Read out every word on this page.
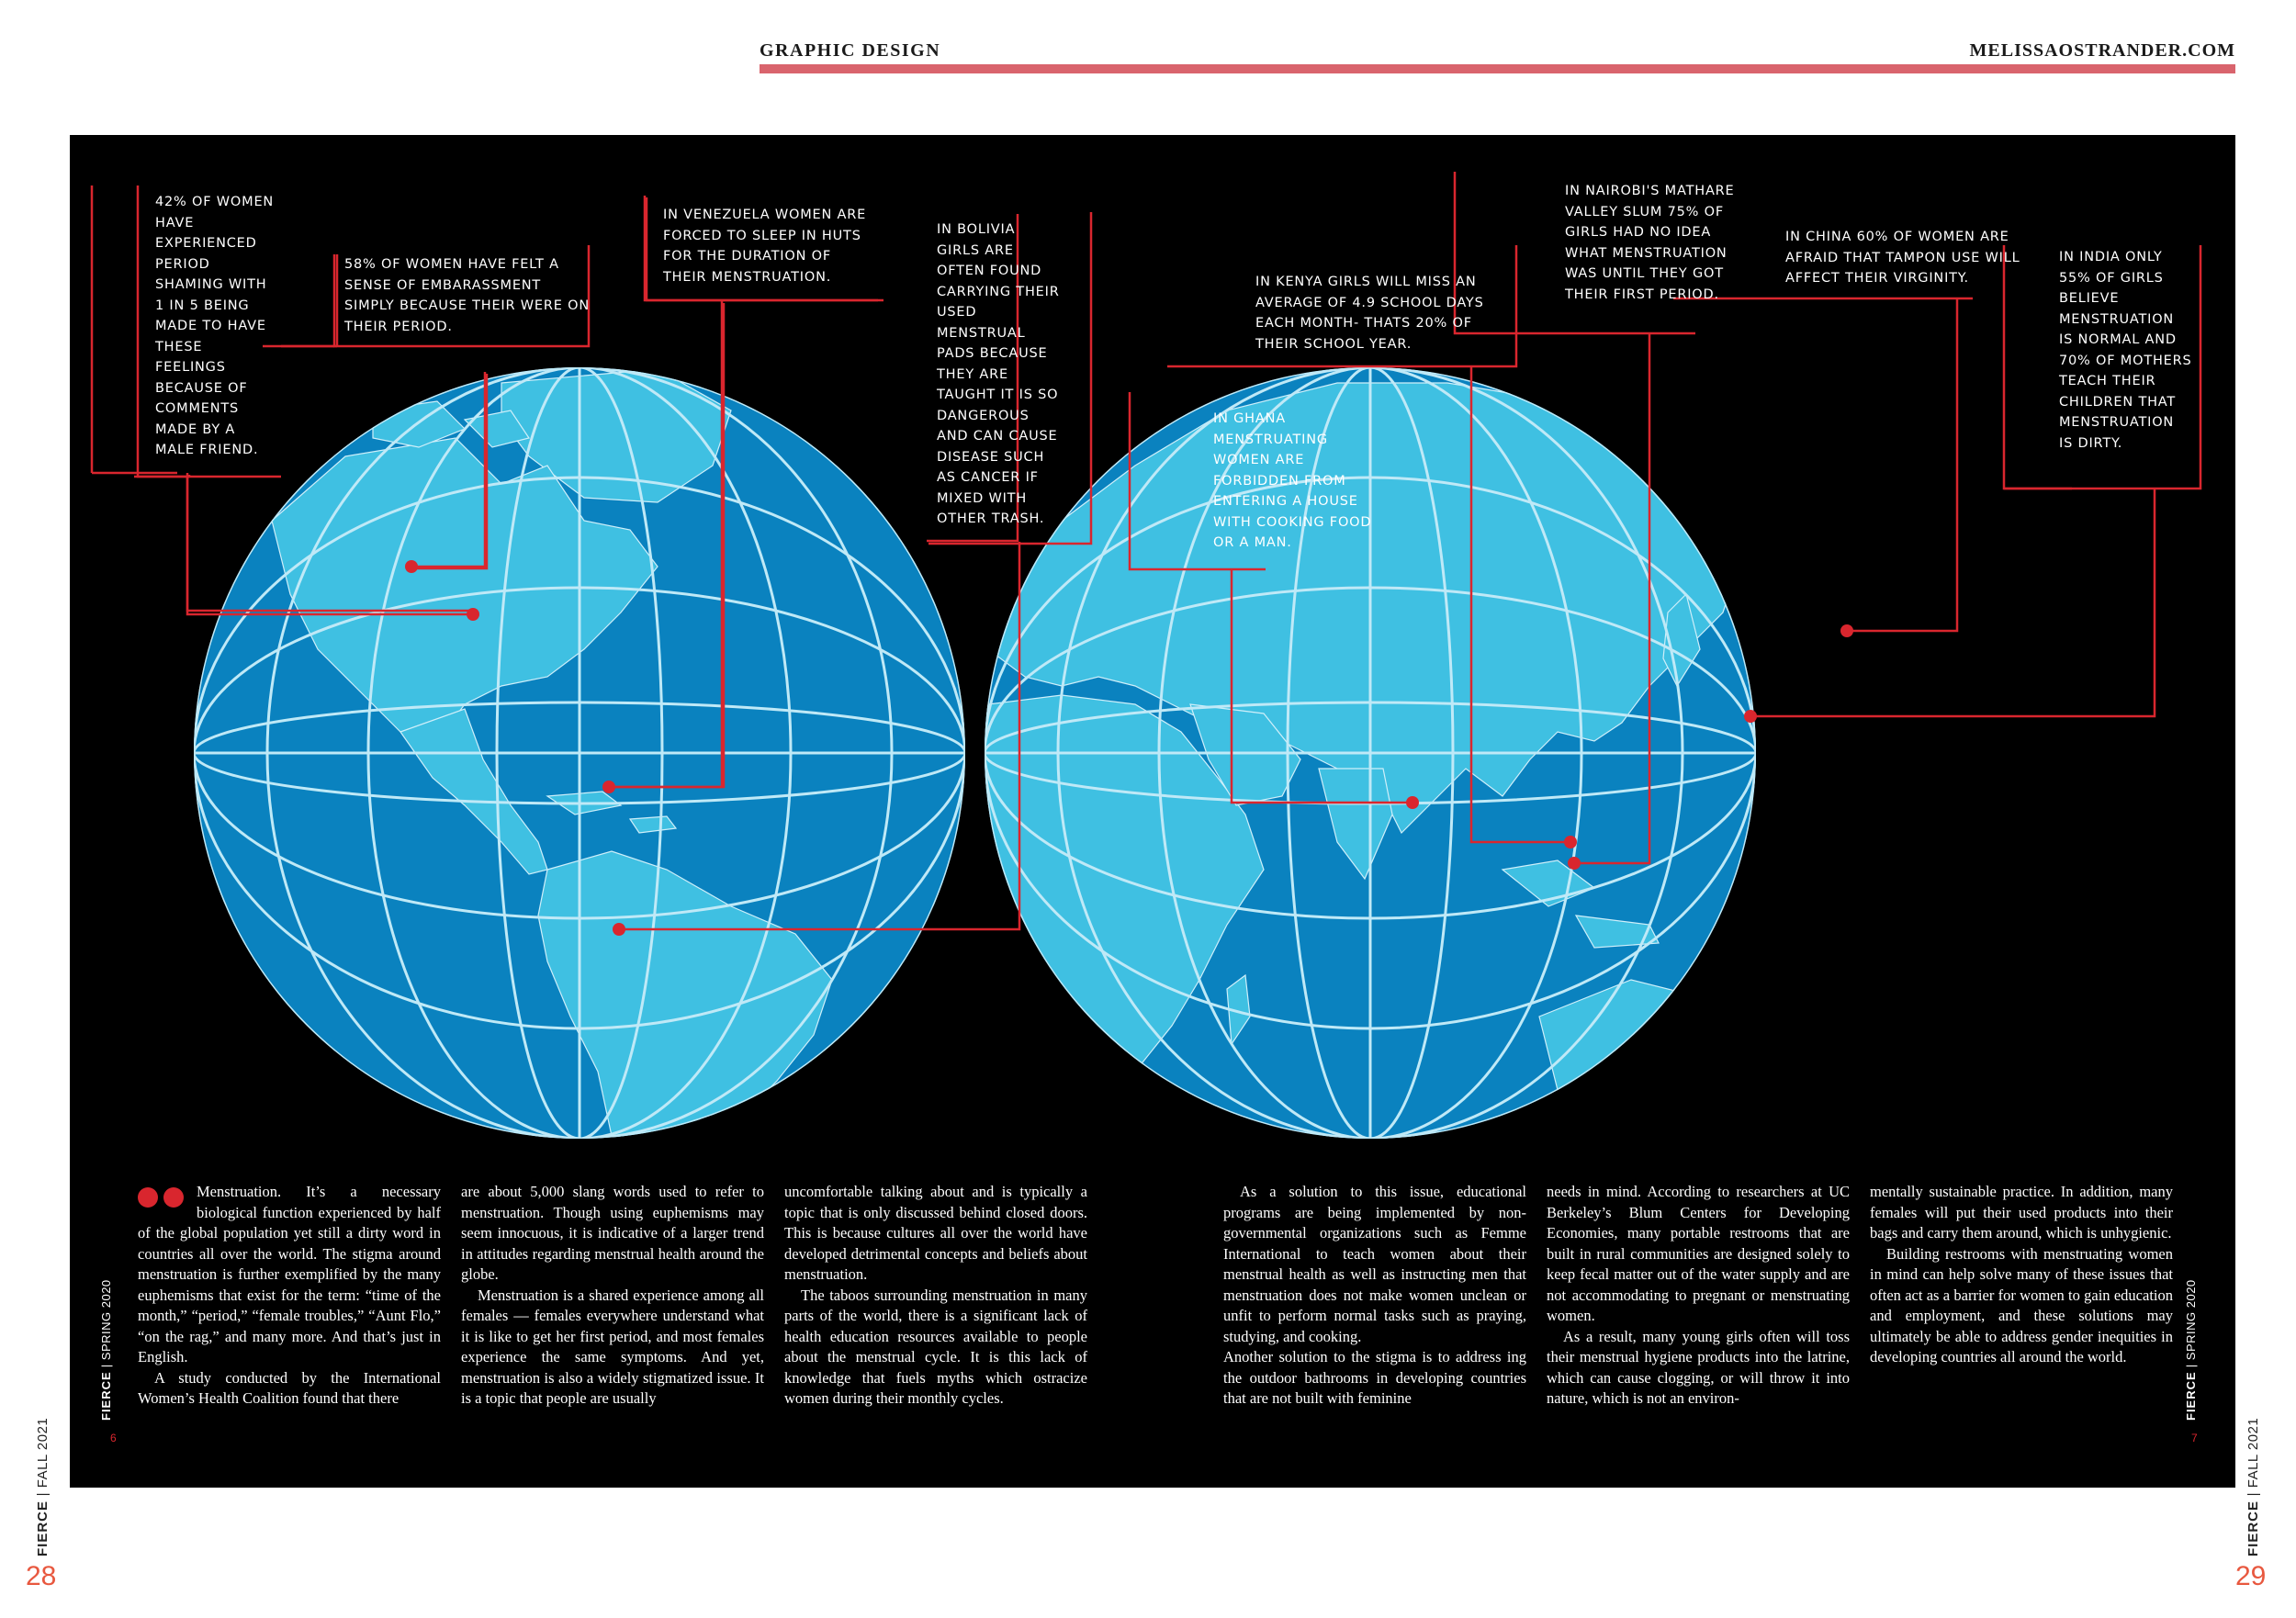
GRAPHIC DESIGN	MELISSAOSTRANDER.COM
42% OF WOMEN HAVE EXPERIENCED PERIOD SHAMING WITH 1 IN 5 BEING MADE TO HAVE THESE FEELINGS BECAUSE OF COMMENTS MADE BY A MALE FRIEND.
58% OF WOMEN HAVE FELT A SENSE OF EMBARASSMENT SIMPLY BECAUSE THEIR WERE ON THEIR PERIOD.
IN VENEZUELA WOMEN ARE FORCED TO SLEEP IN HUTS FOR THE DURATION OF THEIR MENSTRUATION.
IN BOLIVIA GIRLS ARE OFTEN FOUND CARRYING THEIR USED MENSTRUAL PADS BECAUSE THEY ARE TAUGHT IT IS SO DANGEROUS AND CAN CAUSE DISEASE SUCH AS CANCER IF MIXED WITH OTHER TRASH.
IN GHANA MENSTRUATING WOMEN ARE FORBIDDEN FROM ENTERING A HOUSE WITH COOKING FOOD OR A MAN.
IN KENYA GIRLS WILL MISS AN AVERAGE OF 4.9 SCHOOL DAYS EACH MONTH- THATS 20% OF THEIR SCHOOL YEAR.
IN NAIROBI'S MATHARE VALLEY SLUM 75% OF GIRLS HAD NO IDEA WHAT MENSTRUATION WAS UNTIL THEY GOT THEIR FIRST PERIOD.
IN CHINA 60% OF WOMEN ARE AFRAID THAT TAMPON USE WILL AFFECT THEIR VIRGINITY.
IN INDIA ONLY 55% OF GIRLS BELIEVE MENSTRUATION IS NORMAL AND 70% OF MOTHERS TEACH THEIR CHILDREN THAT MENSTRUATION IS DIRTY.

Menstruation. It’s a necessary biological function experienced by half of the global population yet still a dirty word in countries all over the world. The stigma around menstruation is further exemplified by the many euphemisms that exist for the term: “time of the month,” “period,” “female troubles,” “Aunt Flo,” “on the rag,” and many more. And that’s just in English.

A study conducted by the International Women’s Health Coalition found that there

are about 5,000 slang words used to refer to menstruation. Though using euphemisms may seem innocuous, it is indicative of a larger trend in attitudes regarding menstrual health around the globe.

Menstruation is a shared experience among all females — females everywhere understand what it is like to get her first period, and most females experience the same symptoms. And yet, menstruation is also a widely stigmatized issue. It is a topic that people are usually

uncomfortable talking about and is typically a topic that is only discussed behind closed doors. This is because cultures all over the world have developed detrimental concepts and beliefs about menstruation.

The taboos surrounding menstruation in many parts of the world, there is a significant lack of health education resources available to people about the menstrual cycle. It is this lack of knowledge that fuels myths which ostracize women during their monthly cycles.

As a solution to this issue, educational programs are being implemented by non-governmental organizations such as Femme International to teach women about their menstrual health as well as instructing men that menstruation does not make women unclean or unfit to perform normal tasks such as praying, studying, and cooking.

Another solution to the stigma is to address ing the outdoor bathrooms in developing countries that are not built with feminine

needs in mind. According to researchers at UC Berkeley’s Blum Centers for Developing Economies, many portable restrooms that are built in rural communities are designed solely to keep fecal matter out of the water supply and are not accommodating to pregnant or menstruating women.

As a result, many young girls often will toss their menstrual hygiene products into the latrine, which can cause clogging, or will throw it into nature, which is not an environ-

mentally sustainable practice. In addition, many females will put their used products into their bags and carry them around, which is unhygienic.

Building restrooms with menstruating women in mind can help solve many of these issues that often act as a barrier for women to gain education and employment, and these solutions may ultimately be able to address gender inequities in developing countries all around the world.

FIERCE | SPRING 2020
6
FIERCE | SPRING 2020
7
FIERCE | FALL 2021
28
FIERCE | FALL 2021
29
